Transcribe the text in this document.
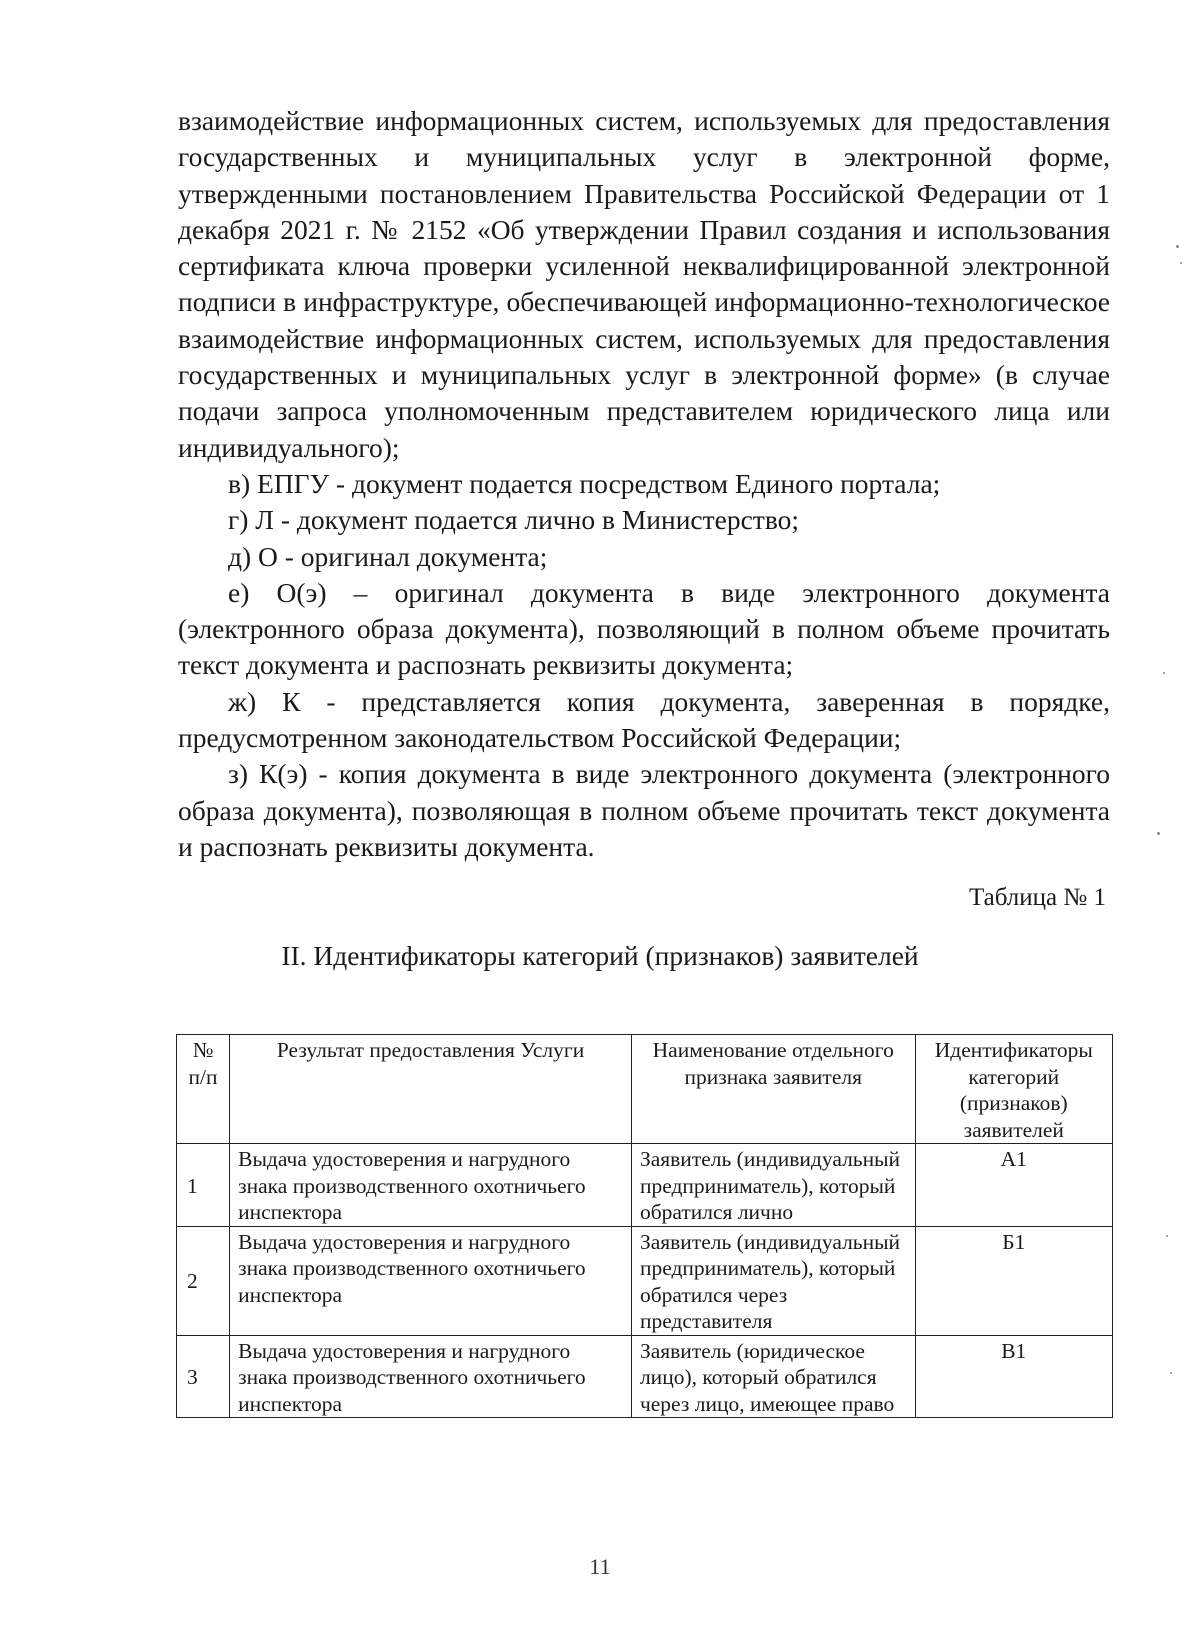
взаимодействие информационных систем, используемых для предоставления государственных и муниципальных услуг в электронной форме, утвержденными постановлением Правительства Российской Федерации от 1 декабря 2021 г. № 2152 «Об утверждении Правил создания и использования сертификата ключа проверки усиленной неквалифицированной электронной подписи в инфраструктуре, обеспечивающей информационно-технологическое взаимодействие информационных систем, используемых для предоставления государственных и муниципальных услуг в электронной форме» (в случае подачи запроса уполномоченным представителем юридического лица или индивидуального);

в) ЕПГУ - документ подается посредством Единого портала;

г) Л - документ подается лично в Министерство;

д) О - оригинал документа;

е) О(э) – оригинал документа в виде электронного документа (электронного образа документа), позволяющий в полном объеме прочитать текст документа и распознать реквизиты документа;

ж) К - представляется копия документа, заверенная в порядке, предусмотренном законодательством Российской Федерации;

з) К(э) - копия документа в виде электронного документа (электронного образа документа), позволяющая в полном объеме прочитать текст документа и распознать реквизиты документа.

Таблица № 1
II. Идентификаторы категорий (признаков) заявителей
№ п/п	Результат предоставления Услуги	Наименование отдельного признака заявителя	Идентификаторы категорий (признаков) заявителей
1	Выдача удостоверения и нагрудного знака производственного охотничьего инспектора	Заявитель (индивидуальный предприниматель), который обратился лично	А1
2	Выдача удостоверения и нагрудного знака производственного охотничьего инспектора	Заявитель (индивидуальный предприниматель), который обратился через представителя	Б1
3	Выдача удостоверения и нагрудного знака производственного охотничьего инспектора	Заявитель (юридическое лицо), который обратился через лицо, имеющее право	В1
11
